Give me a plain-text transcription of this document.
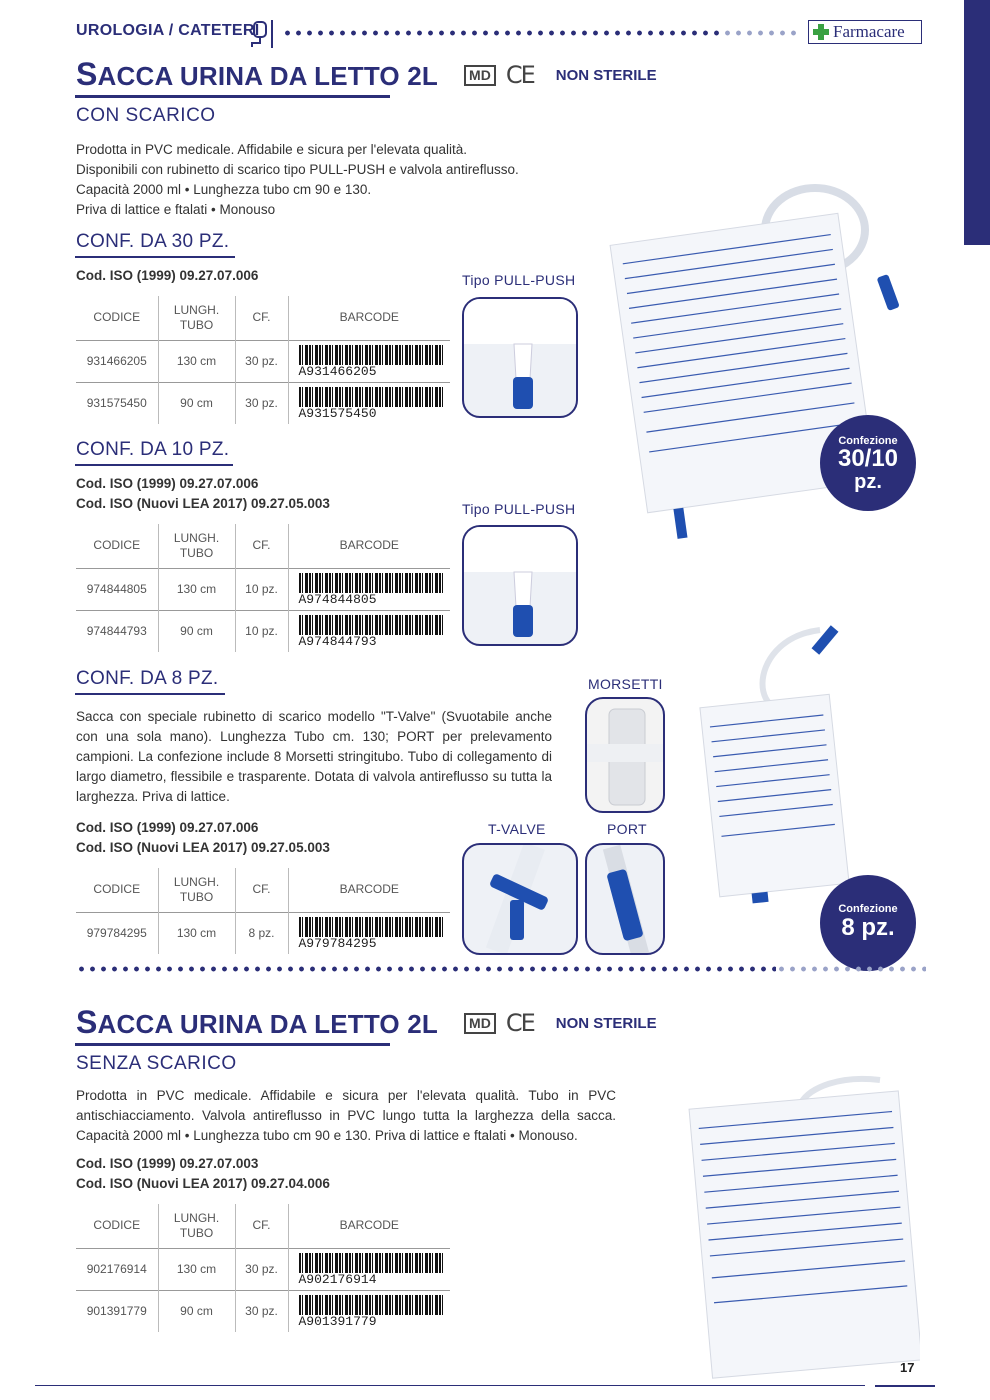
UROLOGIA / CATETERI	Farmacare
SACCA URINA DA LETTO 2L	MD CE NON STERILE
CON SCARICO
Prodotta in PVC medicale. Affidabile e sicura per l'elevata qualità.
Disponibili con rubinetto di scarico tipo PULL-PUSH e valvola antireflusso.
Capacità 2000 ml • Lunghezza tubo cm 90 e 130.
Priva di lattice e ftalati • Monouso
CONF. DA 30 PZ.
Cod. ISO (1999) 09.27.07.006
CODICE	LUNGH. TUBO	CF.	BARCODE
931466205	130 cm	30 pz.	A931466205

931575450	90 cm	30 pz.	A931575450
CONF. DA 10 PZ.
Cod. ISO (1999) 09.27.07.006
Cod. ISO (Nuovi LEA 2017) 09.27.05.003
CODICE	LUNGH. TUBO	CF.	BARCODE
974844805	130 cm	10 pz.	A974844805

974844793	90 cm	10 pz.	A974844793
CONF. DA 8 PZ.
Sacca con speciale rubinetto di scarico modello "T-Valve" (Svuotabile anche con una sola mano). Lunghezza Tubo cm. 130; PORT per prelevamento campioni. La confezione include 8 Morsetti stringitubo. Tubo di collegamento di largo diametro, flessibile e trasparente. Dotata di valvola antireflusso su tutta la larghezza. Priva di lattice.
Cod. ISO (1999) 09.27.07.006
Cod. ISO (Nuovi LEA 2017) 09.27.05.003
CODICE	LUNGH. TUBO	CF.	BARCODE
979784295	130 cm	8 pz.	A979784295
Tipo PULL-PUSH
Tipo PULL-PUSH
Confezione
30/10
pz.
MORSETTI
T-VALVE	PORT
Confezione
8 pz.
SACCA URINA DA LETTO 2L	MD CE NON STERILE
SENZA SCARICO
Prodotta in PVC medicale. Affidabile e sicura per l'elevata qualità. Tubo in PVC antischiacciamento. Valvola antireflusso in PVC lungo tutta la larghezza della sacca. Capacità 2000 ml • Lunghezza tubo cm 90 e 130. Priva di lattice e ftalati • Monouso.
Cod. ISO (1999) 09.27.07.003
Cod. ISO (Nuovi LEA 2017) 09.27.04.006
CODICE	LUNGH. TUBO	CF.	BARCODE
902176914	130 cm	30 pz.	A902176914

901391779	90 cm	30 pz.	A901391779
17
